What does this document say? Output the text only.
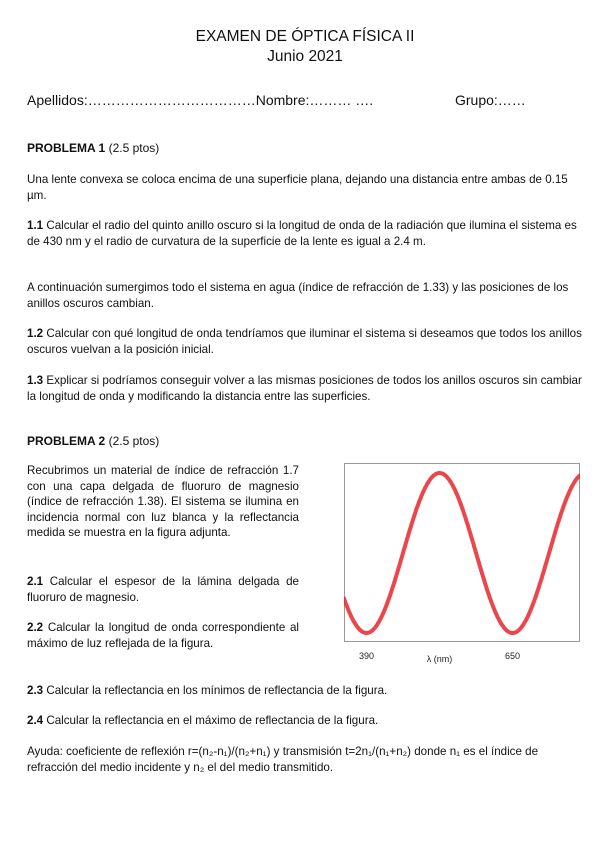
EXAMEN DE ÓPTICA FÍSICA II
Junio 2021
Apellidos:………………………………Nombre:……… ….	Grupo:……
PROBLEMA 1 (2.5 ptos)
Una lente convexa se coloca encima de una superficie plana, dejando una distancia entre ambas de 0.15 µm.
1.1 Calcular el radio del quinto anillo oscuro si la longitud de onda de la radiación que ilumina el sistema es de 430 nm y el radio de curvatura de la superficie de la lente es igual a 2.4 m.
A continuación sumergimos todo el sistema en agua (índice de refracción de 1.33) y las posiciones de los anillos oscuros cambian.
1.2 Calcular con qué longitud de onda tendríamos que iluminar el sistema si deseamos que todos los anillos oscuros vuelvan a la posición inicial.
1.3 Explicar si podríamos conseguir volver a las mismas posiciones de todos los anillos oscuros sin cambiar la longitud de onda y modificando la distancia entre las superficies.
PROBLEMA 2 (2.5 ptos)
Recubrimos un material de índice de refracción 1.7 con una capa delgada de fluoruro de magnesio (índice de refracción 1.38). El sistema se ilumina en incidencia normal con luz blanca y la reflectancia medida se muestra en la figura adjunta.
2.1 Calcular el espesor de la lámina delgada de fluoruro de magnesio.
2.2 Calcular la longitud de onda correspondiente al máximo de luz reflejada de la figura.
390	650
λ (nm)
2.3 Calcular la reflectancia en los mínimos de reflectancia de la figura.
2.4 Calcular la reflectancia en el máximo de reflectancia de la figura.
Ayuda: coeficiente de reflexión r=(n₂-n₁)/(n₂+n₁) y transmisión t=2n₁/(n₁+n₂) donde n₁ es el índice de refracción del medio incidente y n₂ el del medio transmitido.
